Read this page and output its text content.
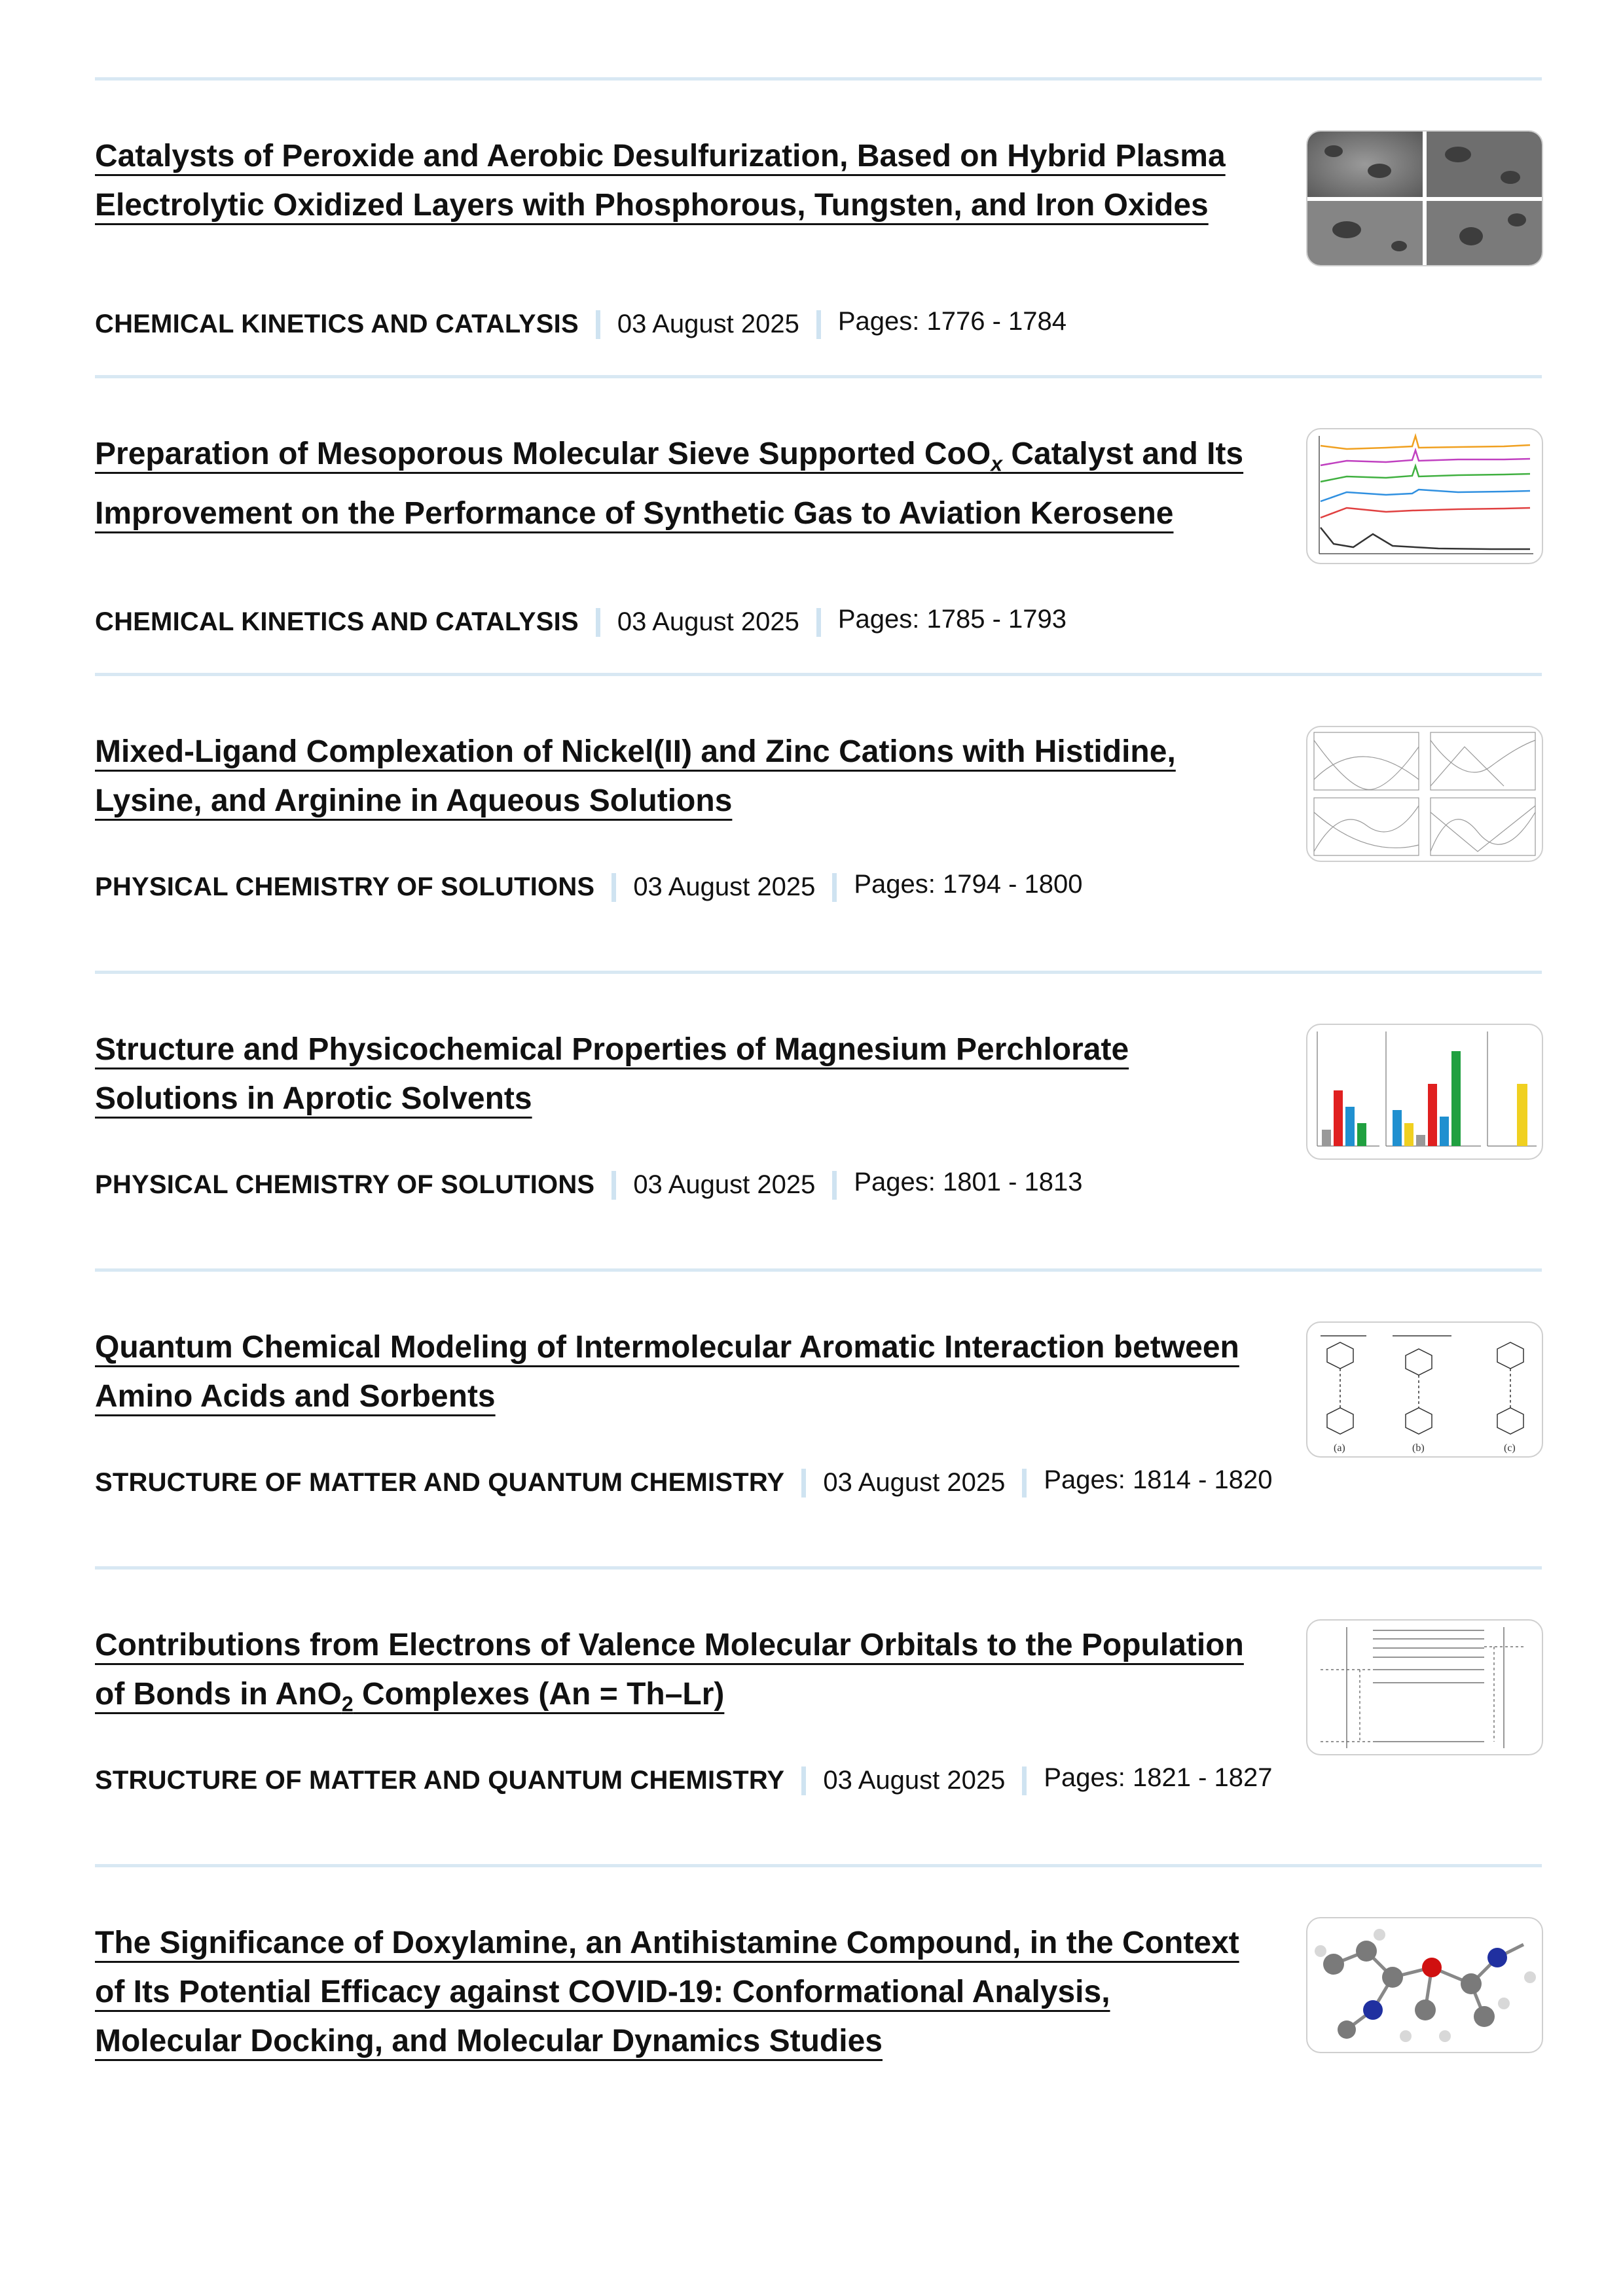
Catalysts of Peroxide and Aerobic Desulfurization, Based on Hybrid Plasma Electrolytic Oxidized Layers with Phosphorous, Tungsten, and Iron Oxides
CHEMICAL KINETICS AND CATALYSIS 03 August 2025 Pages: 1776 - 1784
Preparation of Mesoporous Molecular Sieve Supported CoO$_x$ Catalyst and Its Improvement on the Performance of Synthetic Gas to Aviation Kerosene
CHEMICAL KINETICS AND CATALYSIS 03 August 2025 Pages: 1785 - 1793
Mixed-Ligand Complexation of Nickel(II) and Zinc Cations with Histidine, Lysine, and Arginine in Aqueous Solutions
PHYSICAL CHEMISTRY OF SOLUTIONS 03 August 2025 Pages: 1794 - 1800
Structure and Physicochemical Properties of Magnesium Perchlorate Solutions in Aprotic Solvents
PHYSICAL CHEMISTRY OF SOLUTIONS 03 August 2025 Pages: 1801 - 1813
Quantum Chemical Modeling of Intermolecular Aromatic Interaction between Amino Acids and Sorbents
STRUCTURE OF MATTER AND QUANTUM CHEMISTRY 03 August 2025 Pages: 1814 - 1820
(a)	(b)	(c)
Contributions from Electrons of Valence Molecular Orbitals to the Population of Bonds in AnO$_2$ Complexes (An = Th–Lr)
STRUCTURE OF MATTER AND QUANTUM CHEMISTRY 03 August 2025 Pages: 1821 - 1827
The Significance of Doxylamine, an Antihistamine Compound, in the Context of Its Potential Efficacy against COVID-19: Conformational Analysis, Molecular Docking, and Molecular Dynamics Studies
